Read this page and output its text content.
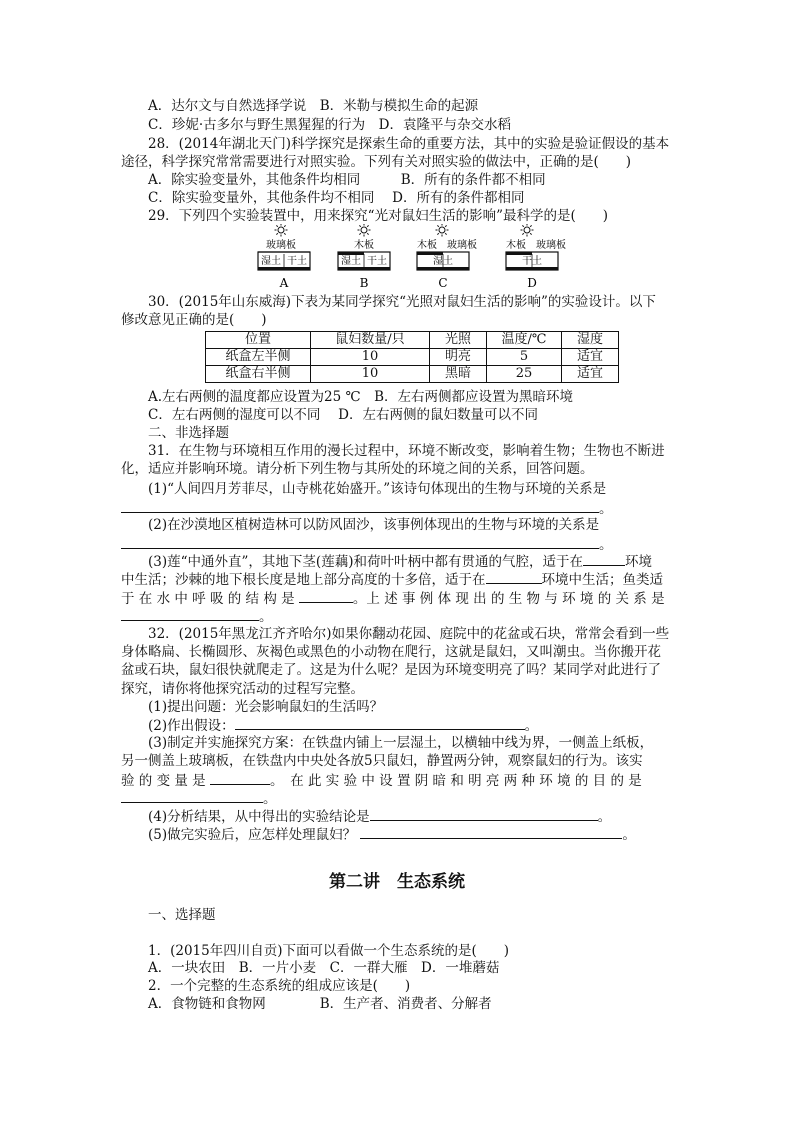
A．达尔文与自然选择学说　B．米勒与模拟生命的起源
C．珍妮·古多尔与野生黑猩猩的行为　D．袁隆平与杂交水稻
28．(2014年湖北天门)科学探究是探索生命的重要方法，其中的实验是验证假设的基本
途径，科学探究常常需要进行对照实验。下列有关对照实验的做法中，正确的是(　　)
A．除实验变量外，其他条件均相同　　　B．所有的条件都不相同
C．除实验变量外，其他条件均不相同　 D．所有的条件都相同
29．下列四个实验装置中，用来探究“光对鼠妇生活的影响”最科学的是(　　)
玻璃板
湿土 干土
A
木板
湿土 干土
B
木板　玻璃板
湿土
C
木板　玻璃板
干土
D
30．(2015年山东威海)下表为某同学探究“光照对鼠妇生活的影响”的实验设计。以下
修改意见正确的是(　　)
位置	鼠妇数量/只	光照	温度/℃	湿度
纸盒左半侧	10	明亮	5	适宜
纸盒右半侧	10	黑暗	25	适宜
A.左右两侧的温度都应设置为25 ℃　B．左右两侧都应设置为黑暗环境
C．左右两侧的湿度可以不同　 D．左右两侧的鼠妇数量可以不同
二、非选择题
31．在生物与环境相互作用的漫长过程中，环境不断改变，影响着生物；生物也不断进
化，适应并影响环境。请分析下列生物与其所处的环境之间的关系，回答问题。
(1)“人间四月芳菲尽，山寺桃花始盛开。”该诗句体现出的生物与环境的关系是
。
(2)在沙漠地区植树造林可以防风固沙，该事例体现出的生物与环境的关系是
。
(3)莲“中通外直”，其地下茎(莲藕)和荷叶叶柄中都有贯通的气腔，适于在	环境
中生活；沙棘的地下根长度是地上部分高度的十多倍，适于在	环境中生活；鱼类适
于 在 水 中 呼 吸 的 结 构 是	。上 述 事 例 体 现 出 的 生 物 与 环 境 的 关 系 是
。
32．(2015年黑龙江齐齐哈尔)如果你翻动花园、庭院中的花盆或石块，常常会看到一些
身体略扁、长椭圆形、灰褐色或黑色的小动物在爬行，这就是鼠妇，又叫潮虫。当你搬开花
盆或石块，鼠妇很快就爬走了。这是为什么呢？是因为环境变明亮了吗？某同学对此进行了
探究，请你将他探究活动的过程写完整。
(1)提出问题：光会影响鼠妇的生活吗？
(2)作出假设：	。
(3)制定并实施探究方案：在铁盘内铺上一层湿土，以横轴中线为界，一侧盖上纸板，
另一侧盖上玻璃板，在铁盘内中央处各放5只鼠妇，静置两分钟，观察鼠妇的行为。该实
验 的 变 量 是	。　在 此 实 验 中 设 置 阴 暗 和 明 亮 两 种 环 境 的 目 的 是
。
(4)分析结果，从中得出的实验结论是	。
(5)做完实验后，应怎样处理鼠妇？	。
第二讲　生态系统
一、选择题
1．(2015年四川自贡)下面可以看做一个生态系统的是(　　)
A．一块农田　B．一片小麦　C．一群大雁　D．一堆蘑菇
2．一个完整的生态系统的组成应该是(　　)
A．食物链和食物网　　　　B．生产者、消费者、分解者
